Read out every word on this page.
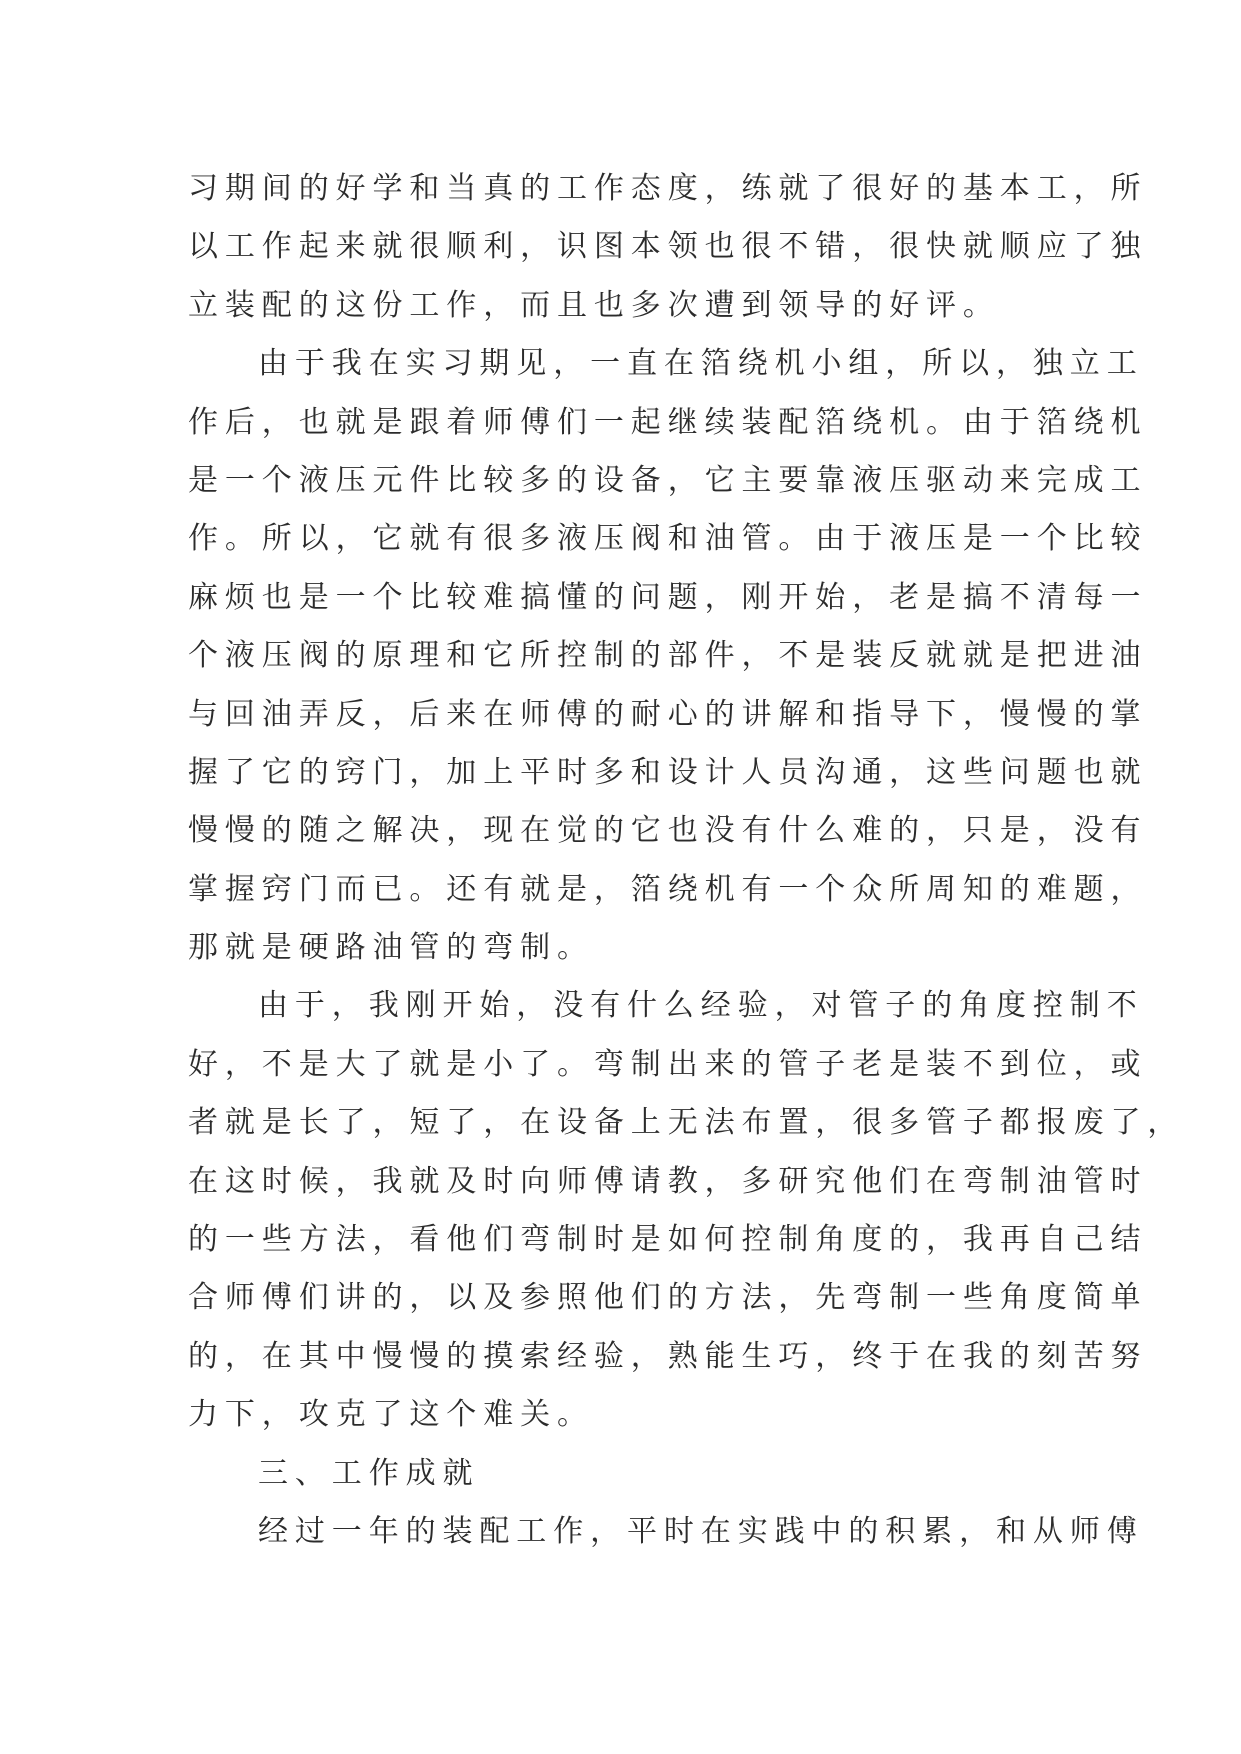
习期间的好学和当真的工作态度，练就了很好的基本工，所
以工作起来就很顺利，识图本领也很不错，很快就顺应了独
立装配的这份工作，而且也多次遭到领导的好评。
由于我在实习期见，一直在箔绕机小组，所以，独立工
作后，也就是跟着师傅们一起继续装配箔绕机。由于箔绕机
是一个液压元件比较多的设备，它主要靠液压驱动来完成工
作。所以，它就有很多液压阀和油管。由于液压是一个比较
麻烦也是一个比较难搞懂的问题，刚开始，老是搞不清每一
个液压阀的原理和它所控制的部件，不是装反就就是把进油
与回油弄反，后来在师傅的耐心的讲解和指导下，慢慢的掌
握了它的窍门，加上平时多和设计人员沟通，这些问题也就
慢慢的随之解决，现在觉的它也没有什么难的，只是，没有
掌握窍门而已。还有就是，箔绕机有一个众所周知的难题，
那就是硬路油管的弯制。
由于，我刚开始，没有什么经验，对管子的角度控制不
好，不是大了就是小了。弯制出来的管子老是装不到位，或
者就是长了，短了，在设备上无法布置，很多管子都报废了，
在这时候，我就及时向师傅请教，多研究他们在弯制油管时
的一些方法，看他们弯制时是如何控制角度的，我再自己结
合师傅们讲的，以及参照他们的方法，先弯制一些角度简单
的，在其中慢慢的摸索经验，熟能生巧，终于在我的刻苦努
力下，攻克了这个难关。
三、工作成就
经过一年的装配工作，平时在实践中的积累，和从师傅
